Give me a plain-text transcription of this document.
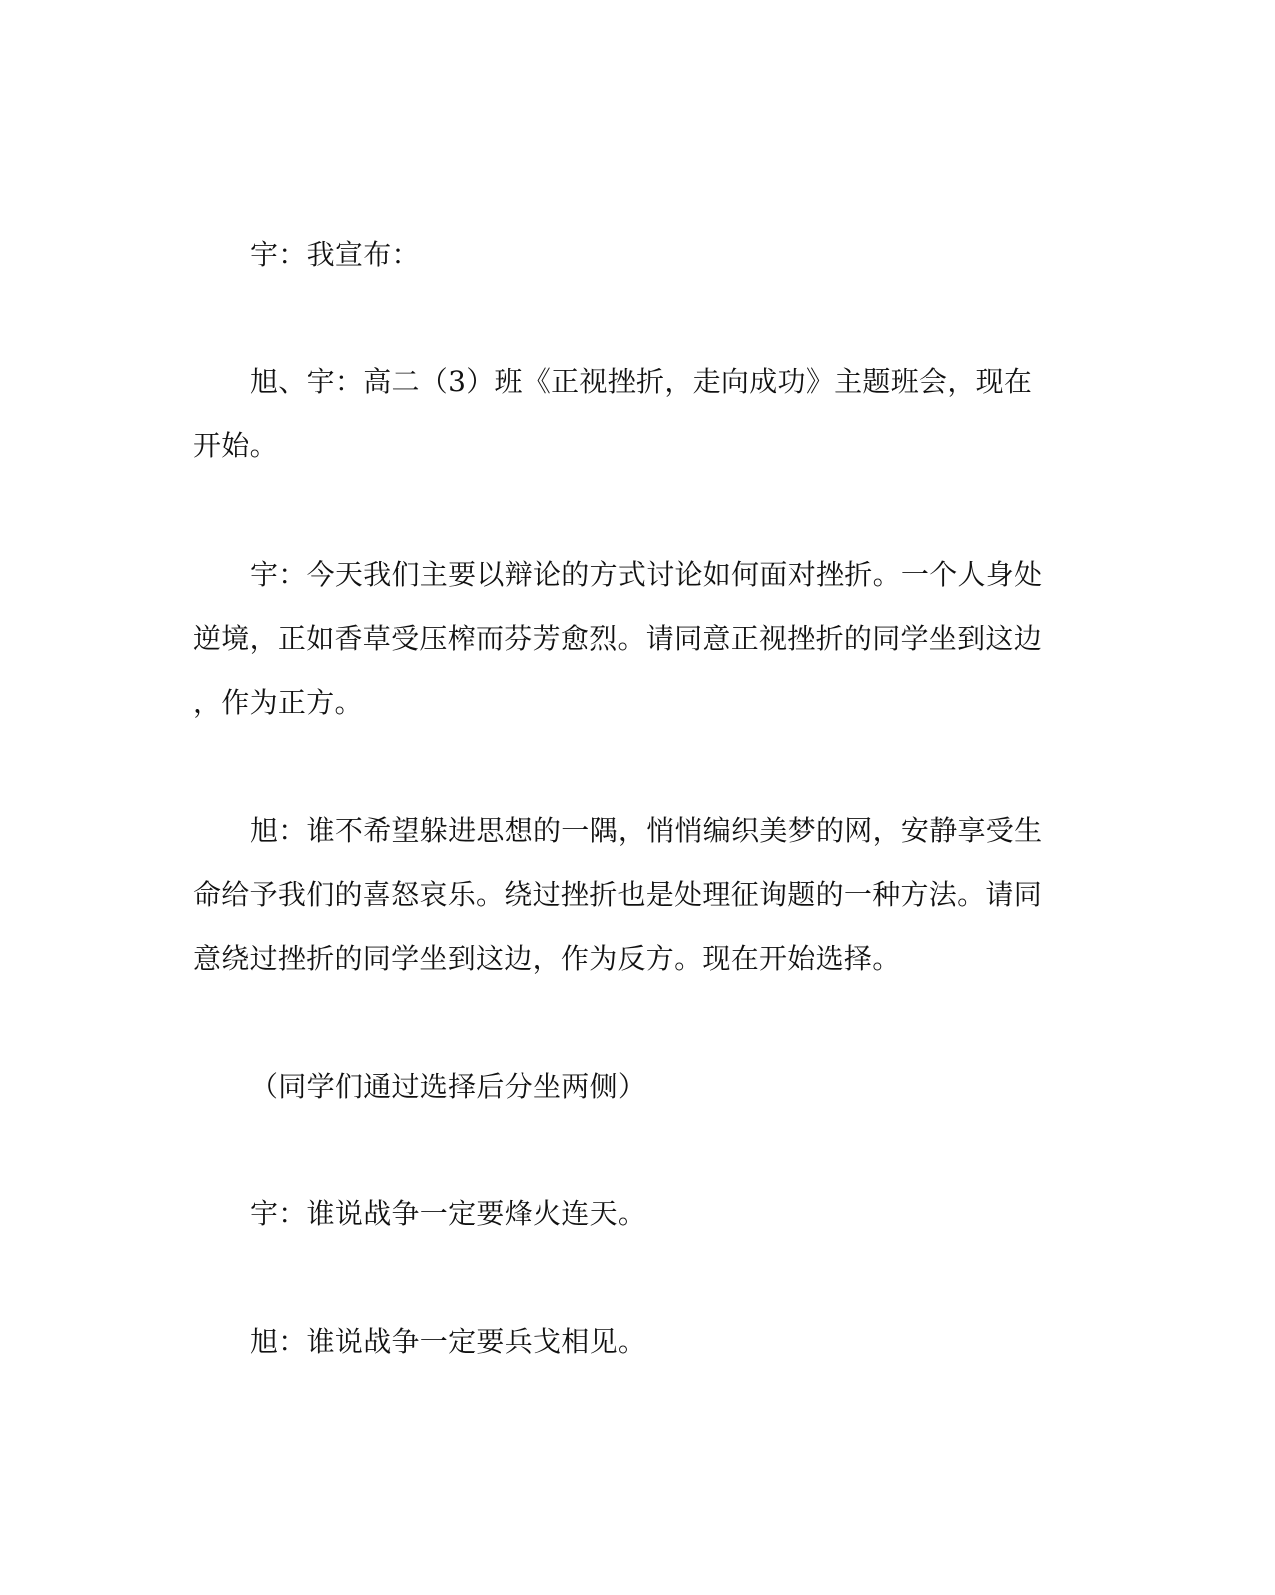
宇：我宣布：
旭、宇：高二（3）班《正视挫折，走向成功》主题班会，现在
开始。
宇：今天我们主要以辩论的方式讨论如何面对挫折。一个人身处
逆境，正如香草受压榨而芬芳愈烈。请同意正视挫折的同学坐到这边
，作为正方。
旭：谁不希望躲进思想的一隅，悄悄编织美梦的网，安静享受生
命给予我们的喜怒哀乐。绕过挫折也是处理征询题的一种方法。请同
意绕过挫折的同学坐到这边，作为反方。现在开始选择。
（同学们通过选择后分坐两侧）
宇：谁说战争一定要烽火连天。
旭：谁说战争一定要兵戈相见。
